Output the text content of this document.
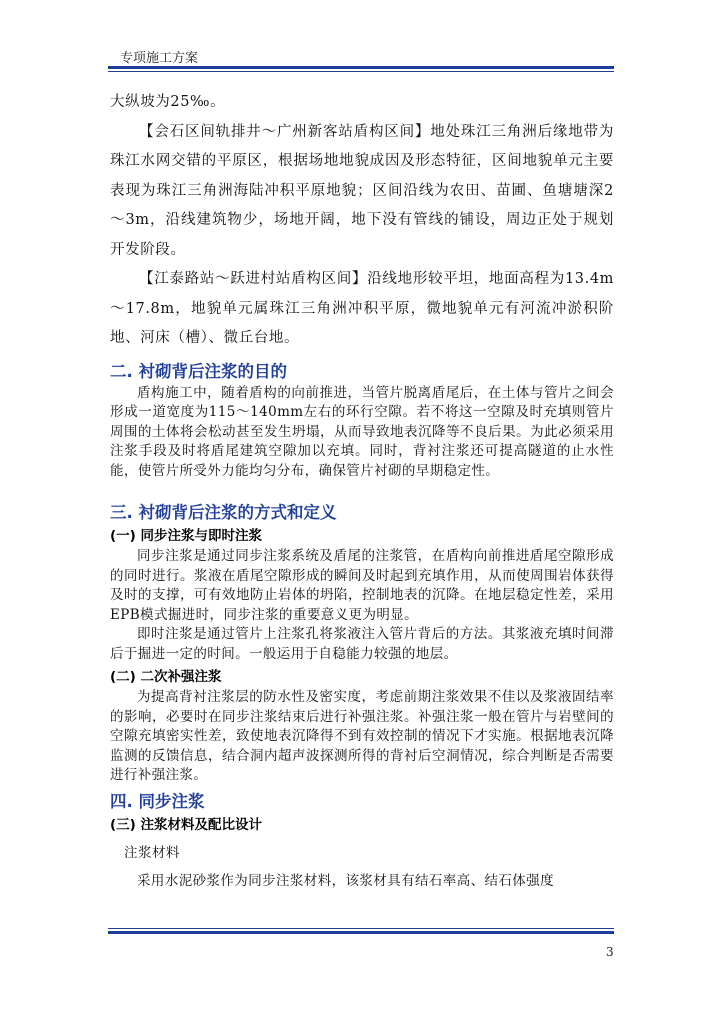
专项施工方案

大纵坡为25‰。

【会石区间轨排井～广州新客站盾构区间】地处珠江三角洲后缘地带为珠江水网交错的平原区，根据场地地貌成因及形态特征，区间地貌单元主要表现为珠江三角洲海陆冲积平原地貌；区间沿线为农田、苗圃、鱼塘塘深2～3m，沿线建筑物少，场地开阔，地下没有管线的铺设，周边正处于规划开发阶段。

【江泰路站～跃进村站盾构区间】沿线地形较平坦，地面高程为13.4m～17.8m，地貌单元属珠江三角洲冲积平原，微地貌单元有河流冲淤积阶地、河床（槽）、微丘台地。

二. 衬砌背后注浆的目的

盾构施工中，随着盾构的向前推进，当管片脱离盾尾后，在土体与管片之间会形成一道宽度为115～140mm左右的环行空隙。若不将这一空隙及时充填则管片周围的土体将会松动甚至发生坍塌，从而导致地表沉降等不良后果。为此必须采用注浆手段及时将盾尾建筑空隙加以充填。同时，背衬注浆还可提高隧道的止水性能，使管片所受外力能均匀分布，确保管片衬砌的早期稳定性。

三. 衬砌背后注浆的方式和定义
(一) 同步注浆与即时注浆

同步注浆是通过同步注浆系统及盾尾的注浆管，在盾构向前推进盾尾空隙形成的同时进行。浆液在盾尾空隙形成的瞬间及时起到充填作用，从而使周围岩体获得及时的支撑，可有效地防止岩体的坍陷，控制地表的沉降。在地层稳定性差，采用EPB模式掘进时，同步注浆的重要意义更为明显。

即时注浆是通过管片上注浆孔将浆液注入管片背后的方法。其浆液充填时间滞后于掘进一定的时间。一般运用于自稳能力较强的地层。

(二) 二次补强注浆

为提高背衬注浆层的防水性及密实度，考虑前期注浆效果不佳以及浆液固结率的影响，必要时在同步注浆结束后进行补强注浆。补强注浆一般在管片与岩壁间的空隙充填密实性差，致使地表沉降得不到有效控制的情况下才实施。根据地表沉降监测的反馈信息，结合洞内超声波探测所得的背衬后空洞情况，综合判断是否需要进行补强注浆。

四. 同步注浆
(三) 注浆材料及配比设计
注浆材料

采用水泥砂浆作为同步注浆材料，该浆材具有结石率高、结石体强度

3
